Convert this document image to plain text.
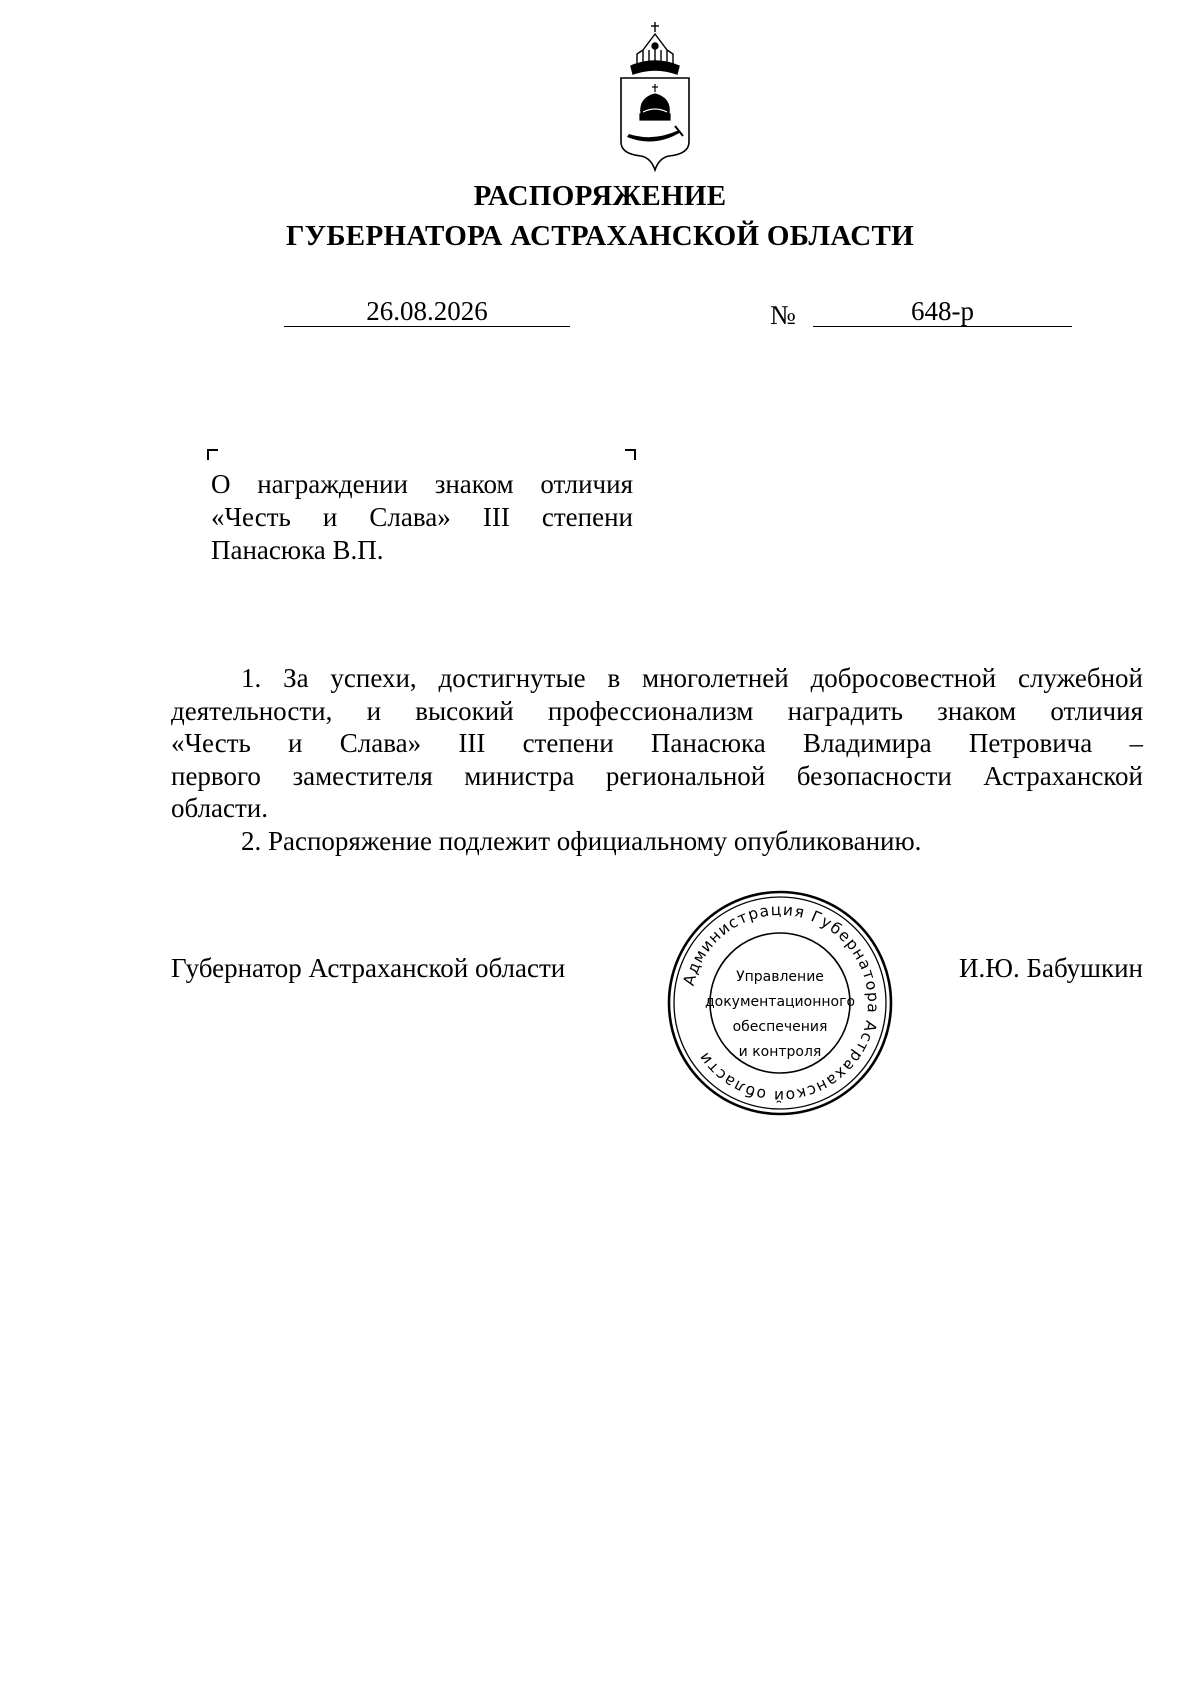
РАСПОРЯЖЕНИЕ
ГУБЕРНАТОРА АСТРАХАНСКОЙ ОБЛАСТИ
26.08.2026	№	648-р
О награждении знаком отличия
«Честь и Слава» III степени
Панасюка В.П.
1. За успехи, достигнутые в многолетней добросовестной служебной
деятельности, и высокий профессионализм наградить знаком отличия
«Честь и Слава» III степени Панасюка Владимира Петровича –
первого заместителя министра региональной безопасности Астраханской
области.
2. Распоряжение подлежит официальному опубликованию.
Губернатор Астраханской области	И.Ю. Бабушкин
Администрация Губернатора Астраханской области
Управление
документационного
обеспечения
и контроля
